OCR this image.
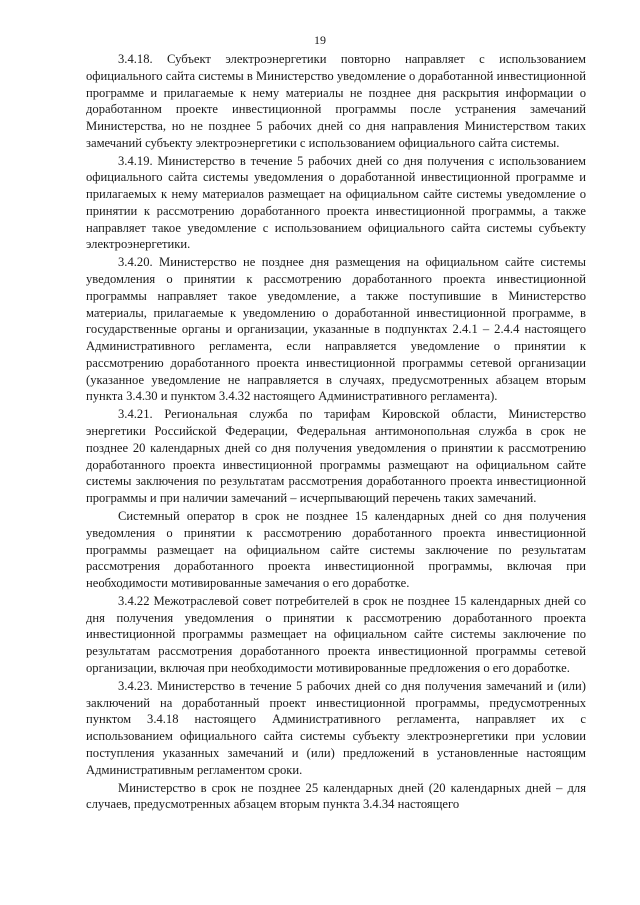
19

3.4.18. Субъект электроэнергетики повторно направляет с использованием официального сайта системы в Министерство уведомление о доработанной инвестиционной программе и прилагаемые к нему материалы не позднее дня раскрытия информации о доработанном проекте инвестиционной программы после устранения замечаний Министерства, но не позднее 5 рабочих дней со дня направления Министерством таких замечаний субъекту электроэнергетики с использованием официального сайта системы.

3.4.19. Министерство в течение 5 рабочих дней со дня получения с использованием официального сайта системы уведомления о доработанной инвестиционной программе и прилагаемых к нему материалов размещает на официальном сайте системы уведомление о принятии к рассмотрению доработанного проекта инвестиционной программы, а также направляет такое уведомление с использованием официального сайта системы субъекту электроэнергетики.

3.4.20. Министерство не позднее дня размещения на официальном сайте системы уведомления о принятии к рассмотрению доработанного проекта инвестиционной программы направляет такое уведомление, а также поступившие в Министерство материалы, прилагаемые к уведомлению о доработанной инвестиционной программе, в государственные органы и организации, указанные в подпунктах 2.4.1 – 2.4.4 настоящего Административного регламента, если направляется уведомление о принятии к рассмотрению доработанного проекта инвестиционной программы сетевой организации (указанное уведомление не направляется в случаях, предусмотренных абзацем вторым пункта 3.4.30 и пунктом 3.4.32 настоящего Административного регламента).

3.4.21. Региональная служба по тарифам Кировской области, Министерство энергетики Российской Федерации, Федеральная антимонопольная служба в срок не позднее 20 календарных дней со дня получения уведомления о принятии к рассмотрению доработанного проекта инвестиционной программы размещают на официальном сайте системы заключения по результатам рассмотрения доработанного проекта инвестиционной программы и при наличии замечаний – исчерпывающий перечень таких замечаний.

Системный оператор в срок не позднее 15 календарных дней со дня получения уведомления о принятии к рассмотрению доработанного проекта инвестиционной программы размещает на официальном сайте системы заключение по результатам рассмотрения доработанного проекта инвестиционной программы, включая при необходимости мотивированные замечания о его доработке.

3.4.22 Межотраслевой совет потребителей в срок не позднее 15 календарных дней со дня получения уведомления о принятии к рассмотрению доработанного проекта инвестиционной программы размещает на официальном сайте системы заключение по результатам рассмотрения доработанного проекта инвестиционной программы сетевой организации, включая при необходимости мотивированные предложения о его доработке.

3.4.23. Министерство в течение 5 рабочих дней со дня получения замечаний и (или) заключений на доработанный проект инвестиционной программы, предусмотренных пунктом 3.4.18 настоящего Административного регламента, направляет их с использованием официального сайта системы субъекту электроэнергетики при условии поступления указанных замечаний и (или) предложений в установленные настоящим Административным регламентом сроки.

Министерство в срок не позднее 25 календарных дней (20 календарных дней – для случаев, предусмотренных абзацем вторым пункта 3.4.34 настоящего
